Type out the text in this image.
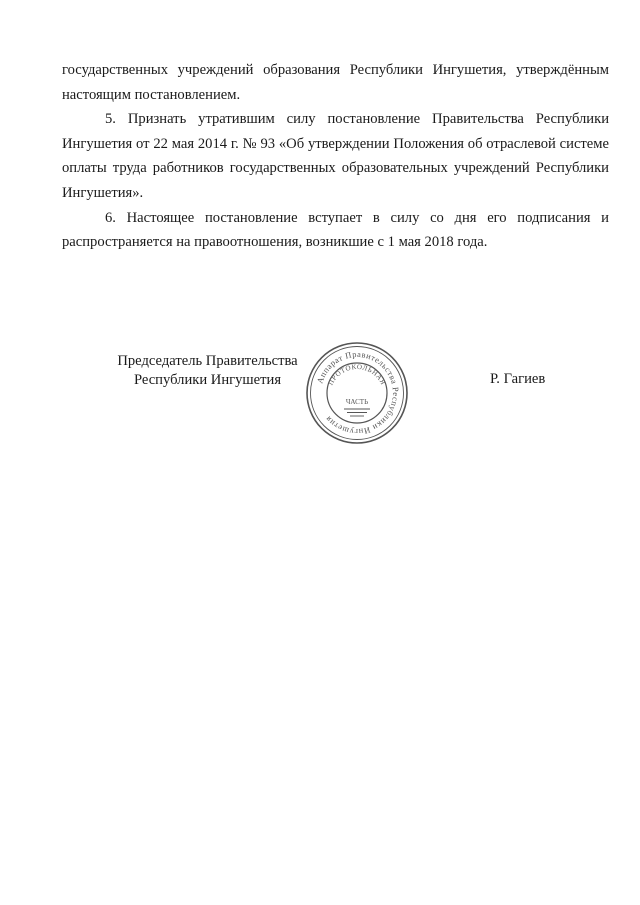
государственных учреждений образования Республики Ингушетия, утверждённым настоящим постановлением.

5. Признать утратившим силу постановление Правительства Республики Ингушетия от 22 мая 2014 г. № 93 «Об утверждении Положения об отраслевой системе оплаты труда работников государственных образовательных учреждений Республики Ингушетия».

6. Настоящее постановление вступает в силу со дня его подписания и распространяется на правоотношения, возникшие с 1 мая 2018 года.

Председатель Правительства
Республики Ингушетия	Аппарат Правительства Республики Ингушетия
ПРОТОКОЛЬНАЯ
ЧАСТЬ
Р. Гагиев
